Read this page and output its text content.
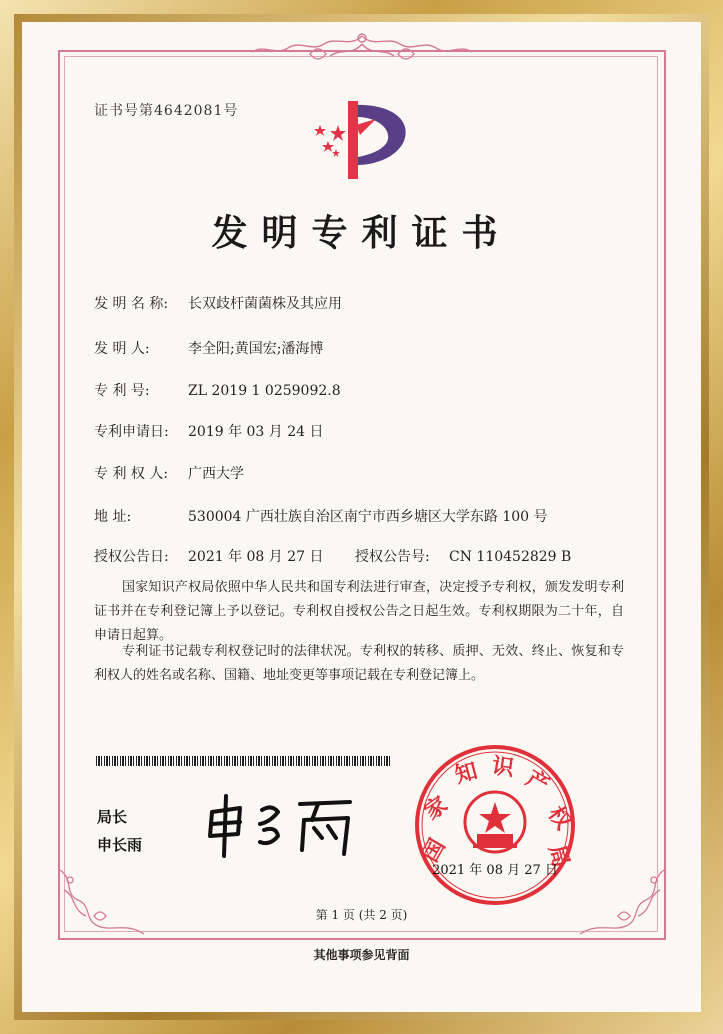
证书号第4642081号
发明专利证书
发 明 名 称: 长双歧杆菌菌株及其应用
发 明 人:	李全阳;黄国宏;潘海博
专 利 号:	ZL 2019 1 0259092.8
专利申请日: 2019 年 03 月 24 日
专 利 权 人: 广西大学
地 址:	530004 广西壮族自治区南宁市西乡塘区大学东路 100 号
授权公告日: 2021 年 08 月 27 日 授权公告号: CN 110452829 B
国家知识产权局依照中华人民共和国专利法进行审查，决定授予专利权，颁发发明专利证书并在专利登记簿上予以登记。专利权自授权公告之日起生效。专利权期限为二十年，自申请日起算。
专利证书记载专利权登记时的法律状况。专利权的转移、质押、无效、终止、恢复和专利权人的姓名或名称、国籍、地址变更等事项记载在专利登记簿上。
局长
申长雨	国
家
知 识 产
权
局
2021 年 08 月 27 日
第 1 页 (共 2 页)
其他事项参见背面
